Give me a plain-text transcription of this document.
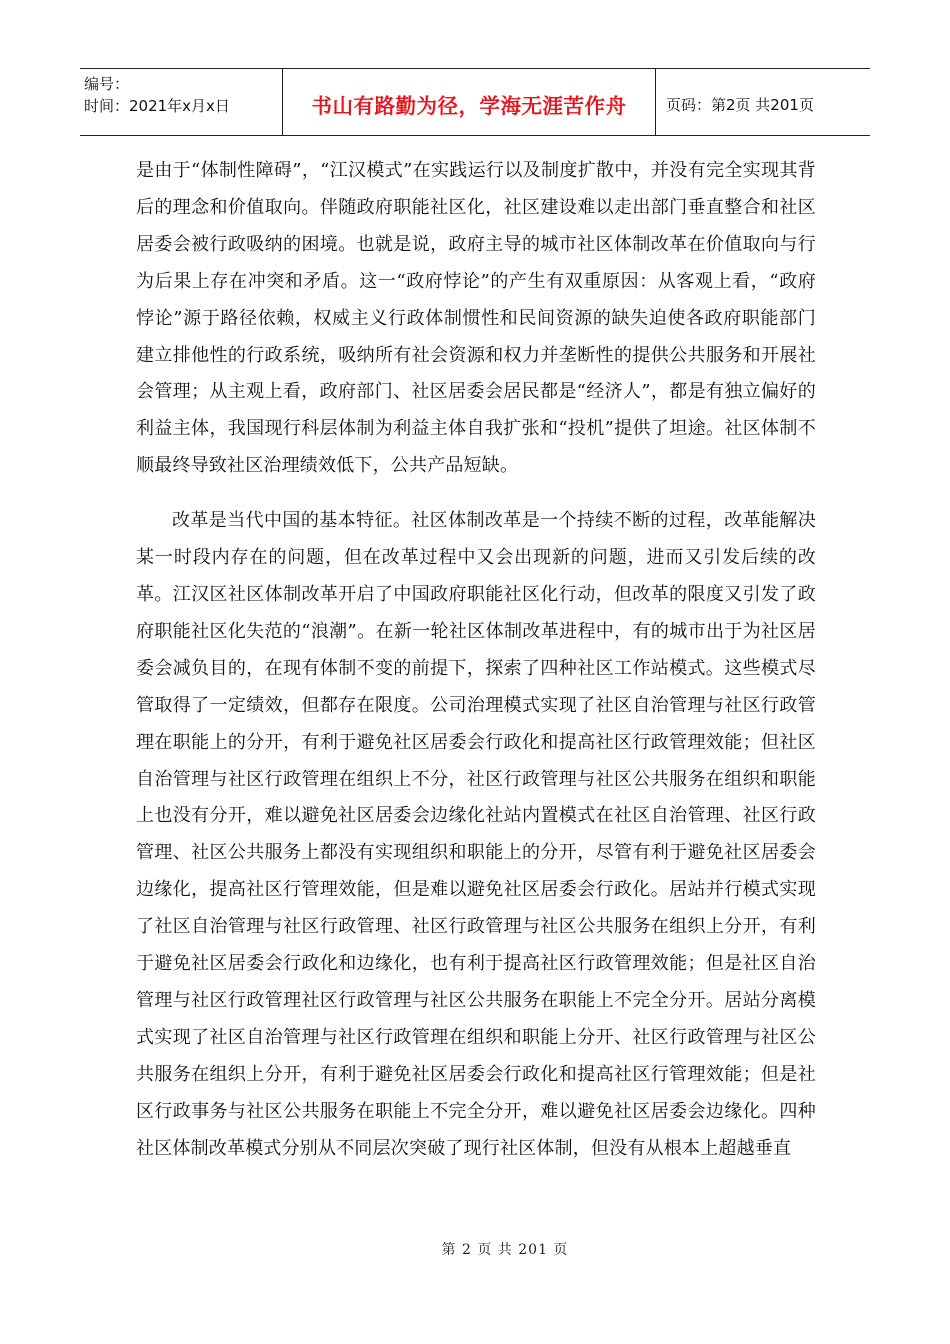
编号：
时间：2021年x月x日	书山有路勤为径，学海无涯苦作舟	页码：第2页 共201页

是由于“体制性障碍”，“江汉模式”在实践运行以及制度扩散中，并没有完全实现其背后的理念和价值取向。伴随政府职能社区化，社区建设难以走出部门垂直整合和社区居委会被行政吸纳的困境。也就是说，政府主导的城市社区体制改革在价值取向与行为后果上存在冲突和矛盾。这一“政府悖论”的产生有双重原因：从客观上看，“政府悖论”源于路径依赖，权威主义行政体制惯性和民间资源的缺失迫使各政府职能部门建立排他性的行政系统，吸纳所有社会资源和权力并垄断性的提供公共服务和开展社会管理；从主观上看，政府部门、社区居委会居民都是“经济人”，都是有独立偏好的利益主体，我国现行科层体制为利益主体自我扩张和“投机”提供了坦途。社区体制不顺最终导致社区治理绩效低下，公共产品短缺。

改革是当代中国的基本特征。社区体制改革是一个持续不断的过程，改革能解决某一时段内存在的问题，但在改革过程中又会出现新的问题，进而又引发后续的改革。江汉区社区体制改革开启了中国政府职能社区化行动，但改革的限度又引发了政府职能社区化失范的“浪潮”。在新一轮社区体制改革进程中，有的城市出于为社区居委会减负目的，在现有体制不变的前提下，探索了四种社区工作站模式。这些模式尽管取得了一定绩效，但都存在限度。公司治理模式实现了社区自治管理与社区行政管理在职能上的分开，有利于避免社区居委会行政化和提高社区行政管理效能；但社区自治管理与社区行政管理在组织上不分，社区行政管理与社区公共服务在组织和职能上也没有分开，难以避免社区居委会边缘化社站内置模式在社区自治管理、社区行政管理、社区公共服务上都没有实现组织和职能上的分开，尽管有利于避免社区居委会边缘化，提高社区行管理效能，但是难以避免社区居委会行政化。居站并行模式实现了社区自治管理与社区行政管理、社区行政管理与社区公共服务在组织上分开，有利于避免社区居委会行政化和边缘化，也有利于提高社区行政管理效能；但是社区自治管理与社区行政管理社区行政管理与社区公共服务在职能上不完全分开。居站分离模式实现了社区自治管理与社区行政管理在组织和职能上分开、社区行政管理与社区公共服务在组织上分开，有利于避免社区居委会行政化和提高社区行管理效能；但是社区行政事务与社区公共服务在职能上不完全分开，难以避免社区居委会边缘化。四种社区体制改革模式分别从不同层次突破了现行社区体制，但没有从根本上超越垂直

第 2 页 共 201 页
